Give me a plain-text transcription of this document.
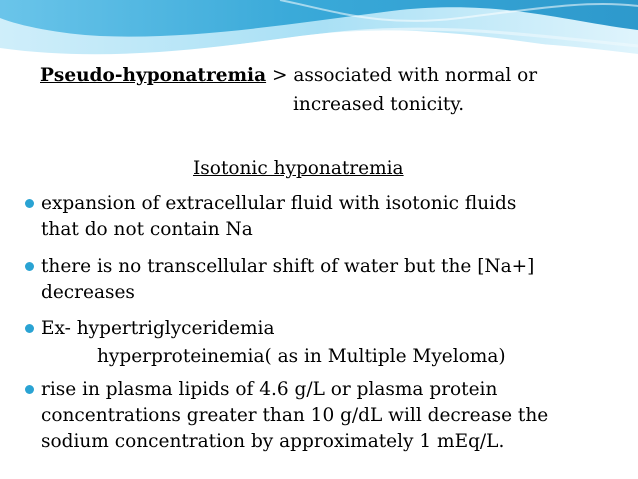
Pseudo-hyponatremia > associated with normal or
increased tonicity.
Isotonic hyponatremia
expansion of extracellular fluid with isotonic fluids
that do not contain Na
there is no transcellular shift of water but the [Na+]
decreases
Ex- hypertriglyceridemia
hyperproteinemia( as in Multiple Myeloma)
rise in plasma lipids of 4.6 g/L or plasma protein
concentrations greater than 10 g/dL will decrease the
sodium concentration by approximately 1 mEq/L.
